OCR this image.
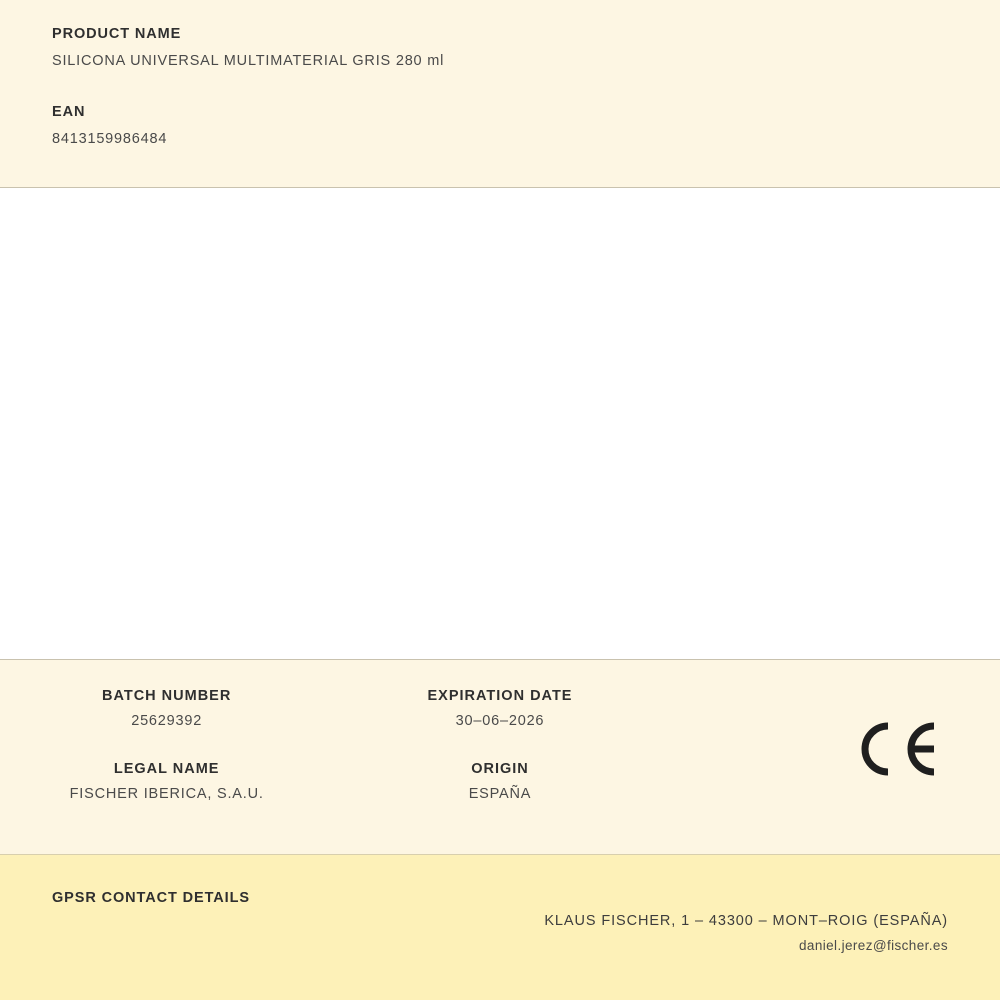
PRODUCT NAME

SILICONA UNIVERSAL MULTIMATERIAL GRIS 280 ml

EAN

8413159986484

BATCH NUMBER

25629392

EXPIRATION DATE

30–06–2026

LEGAL NAME

FISCHER IBERICA, S.A.U.

ORIGIN

ESPAÑA

GPSR CONTACT DETAILS

KLAUS FISCHER, 1 – 43300 – MONT–ROIG (ESPAÑA)

daniel.jerez@fischer.es
